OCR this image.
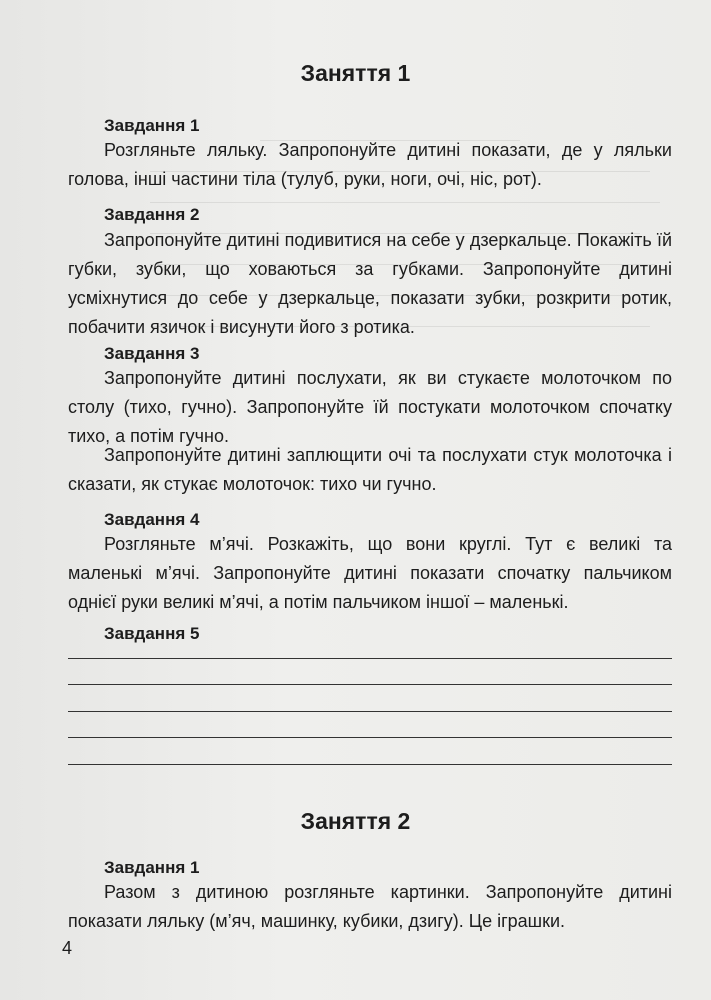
Заняття 1
Завдання 1

Розгляньте ляльку. Запропонуйте дитині показати, де у ляльки голова, інші частини тіла (тулуб, руки, ноги, очі, ніс, рот).

Завдання 2

Запропонуйте дитині подивитися на себе у дзеркальце. Покажіть їй губки, зубки, що ховаються за губками. Запропонуйте дитині усміхнутися до себе у дзеркальце, показати зубки, розкрити ротик, побачити язичок і висунути його з ротика.

Завдання 3

Запропонуйте дитині послухати, як ви стукаєте молоточком по столу (тихо, гучно). Запропонуйте їй постукати молоточком спочатку тихо, а потім гучно.

Запропонуйте дитині заплющити очі та послухати стук молоточка і сказати, як стукає молоточок: тихо чи гучно.

Завдання 4

Розгляньте м’ячі. Розкажіть, що вони круглі. Тут є великі та маленькі м’ячі. Запропонуйте дитині показати спочатку пальчиком однієї руки великі м’ячі, а потім пальчиком іншої – маленькі.

Завдання 5
Заняття 2
Завдання 1

Разом з дитиною розгляньте картинки. Запропонуйте дитині показати ляльку (м’яч, машинку, кубики, дзигу). Це іграшки.

4
